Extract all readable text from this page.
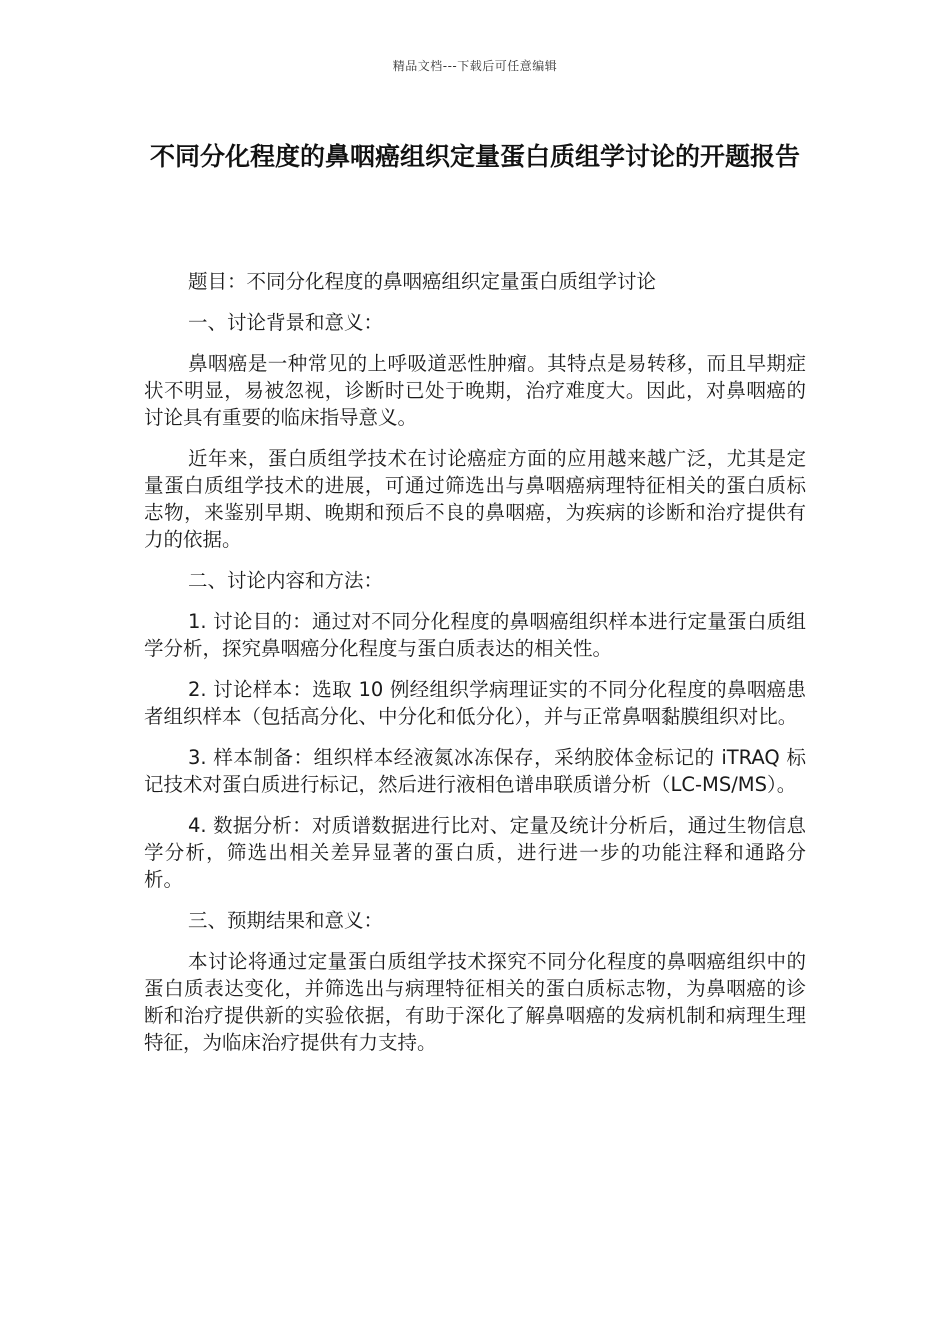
精品文档---下载后可任意编辑
不同分化程度的鼻咽癌组织定量蛋白质组学讨论的开题报告

题目：不同分化程度的鼻咽癌组织定量蛋白质组学讨论

一、讨论背景和意义：

鼻咽癌是一种常见的上呼吸道恶性肿瘤。其特点是易转移，而且早期症状不明显，易被忽视，诊断时已处于晚期，治疗难度大。因此，对鼻咽癌的讨论具有重要的临床指导意义。

近年来，蛋白质组学技术在讨论癌症方面的应用越来越广泛，尤其是定量蛋白质组学技术的进展，可通过筛选出与鼻咽癌病理特征相关的蛋白质标志物，来鉴别早期、晚期和预后不良的鼻咽癌，为疾病的诊断和治疗提供有力的依据。

二、讨论内容和方法：

1. 讨论目的：通过对不同分化程度的鼻咽癌组织样本进行定量蛋白质组学分析，探究鼻咽癌分化程度与蛋白质表达的相关性。

2. 讨论样本：选取 10 例经组织学病理证实的不同分化程度的鼻咽癌患者组织样本（包括高分化、中分化和低分化），并与正常鼻咽黏膜组织对比。

3. 样本制备：组织样本经液氮冰冻保存，采纳胶体金标记的 iTRAQ 标记技术对蛋白质进行标记，然后进行液相色谱串联质谱分析（LC-MS/MS）。

4. 数据分析：对质谱数据进行比对、定量及统计分析后，通过生物信息学分析，筛选出相关差异显著的蛋白质，进行进一步的功能注释和通路分析。

三、预期结果和意义：

本讨论将通过定量蛋白质组学技术探究不同分化程度的鼻咽癌组织中的蛋白质表达变化，并筛选出与病理特征相关的蛋白质标志物，为鼻咽癌的诊断和治疗提供新的实验依据，有助于深化了解鼻咽癌的发病机制和病理生理特征，为临床治疗提供有力支持。
